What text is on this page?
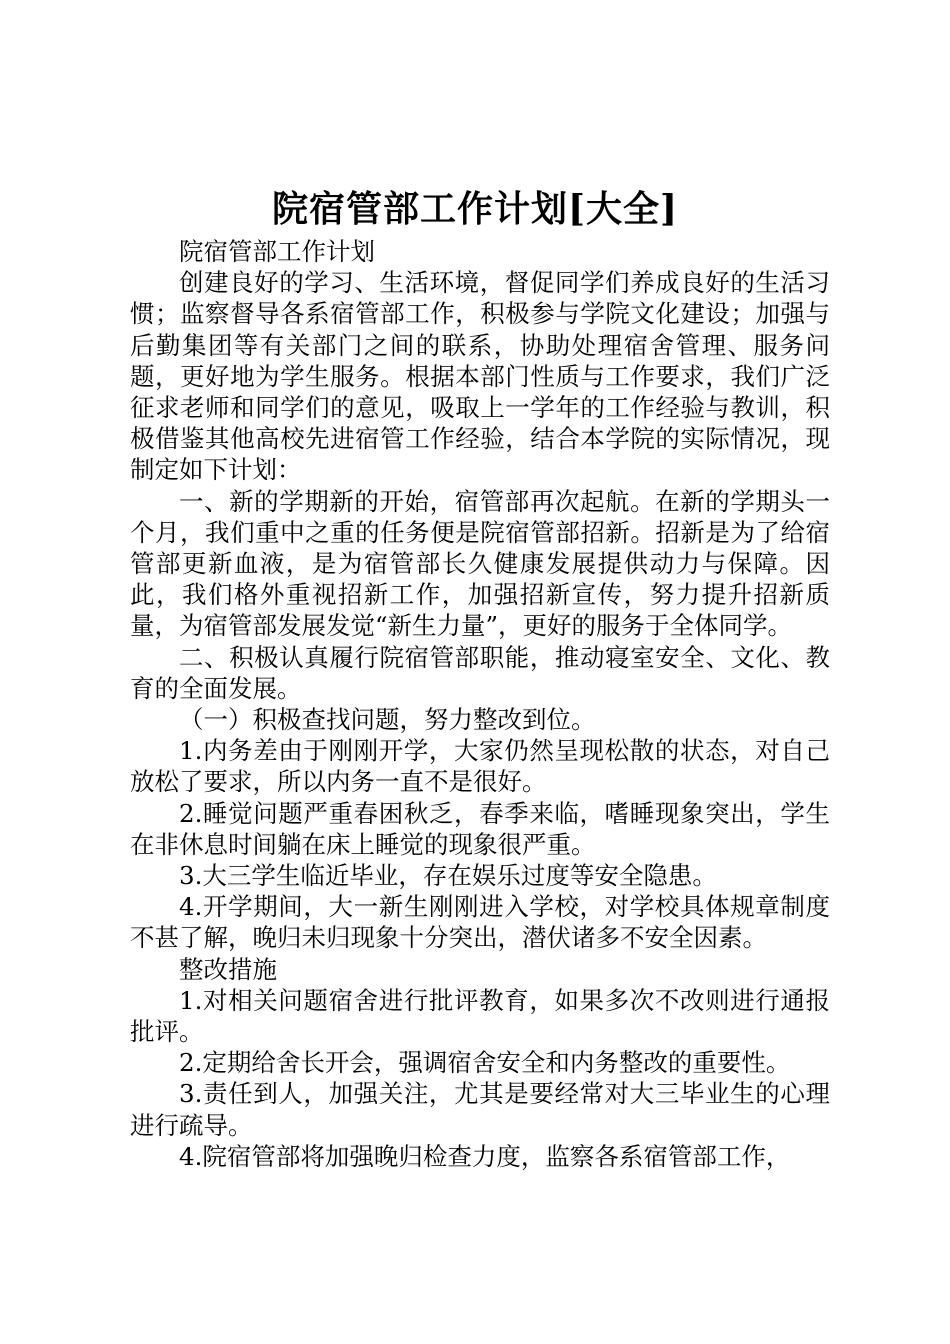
院宿管部工作计划[大全]

院宿管部工作计划

创建良好的学习、生活环境，督促同学们养成良好的生活习惯；监察督导各系宿管部工作，积极参与学院文化建设；加强与后勤集团等有关部门之间的联系，协助处理宿舍管理、服务问题，更好地为学生服务。根据本部门性质与工作要求，我们广泛征求老师和同学们的意见，吸取上一学年的工作经验与教训，积极借鉴其他高校先进宿管工作经验，结合本学院的实际情况，现制定如下计划：

一、新的学期新的开始，宿管部再次起航。在新的学期头一个月，我们重中之重的任务便是院宿管部招新。招新是为了给宿管部更新血液，是为宿管部长久健康发展提供动力与保障。因此，我们格外重视招新工作，加强招新宣传，努力提升招新质量，为宿管部发展发觉“新生力量”，更好的服务于全体同学。

二、积极认真履行院宿管部职能，推动寝室安全、文化、教育的全面发展。

（一）积极查找问题，努力整改到位。

1.内务差由于刚刚开学，大家仍然呈现松散的状态，对自己放松了要求，所以内务一直不是很好。

2.睡觉问题严重春困秋乏，春季来临，嗜睡现象突出，学生在非休息时间躺在床上睡觉的现象很严重。

3.大三学生临近毕业，存在娱乐过度等安全隐患。

4.开学期间，大一新生刚刚进入学校，对学校具体规章制度不甚了解，晚归未归现象十分突出，潜伏诸多不安全因素。

整改措施

1.对相关问题宿舍进行批评教育，如果多次不改则进行通报批评。

2.定期给舍长开会，强调宿舍安全和内务整改的重要性。

3.责任到人，加强关注，尤其是要经常对大三毕业生的心理进行疏导。

4.院宿管部将加强晚归检查力度，监察各系宿管部工作，
